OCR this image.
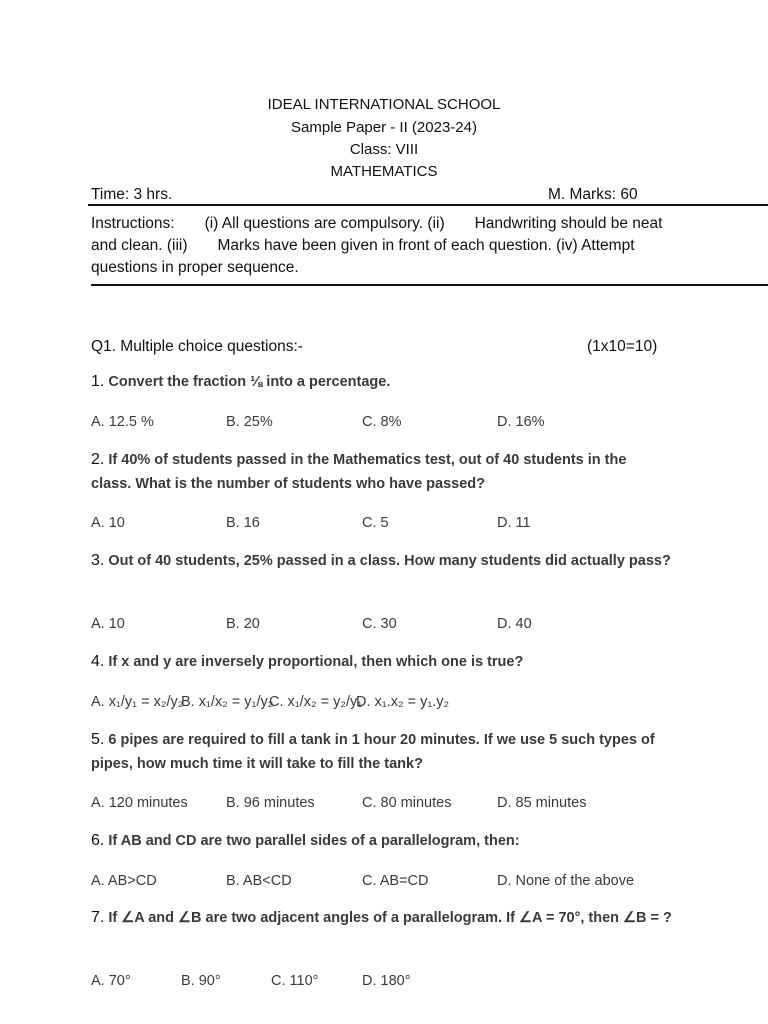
IDEAL INTERNATIONAL SCHOOL
Sample Paper - II (2023-24)
Class: VIII
MATHEMATICS
Time: 3 hrs.	M. Marks: 60
Instructions: (i) All questions are compulsory. (ii) Handwriting should be neat and clean. (iii) Marks have been given in front of each question. (iv) Attempt questions in proper sequence.
Q1. Multiple choice questions:-	(1x10=10)
1. Convert the fraction ⅛ into a percentage.
A. 12.5 %	B. 25%	C. 8%	D. 16%
2. If 40% of students passed in the Mathematics test, out of 40 students in the class. What is the number of students who have passed?
A. 10	B. 16	C. 5	D. 11
3. Out of 40 students, 25% passed in a class. How many students did actually pass?
A. 10	B. 20	C. 30	D. 40
4. If x and y are inversely proportional, then which one is true?
A. x₁/y₁ = x₂/y₂
B. x₁/x₂ = y₁/y₂
C. x₁/x₂ = y₂/y₁
D. x₁.x₂ = y₁.y₂
5. 6 pipes are required to fill a tank in 1 hour 20 minutes. If we use 5 such types of pipes, how much time it will take to fill the tank?
A. 120 minutes	B. 96 minutes	C. 80 minutes	D. 85 minutes
6. If AB and CD are two parallel sides of a parallelogram, then:
A. AB>CD	B. AB<CD	C. AB=CD	D. None of the above
7. If ∠A and ∠B are two adjacent angles of a parallelogram. If ∠A = 70°, then ∠B = ?
A. 70°	B. 90°	C. 110°	D. 180°
